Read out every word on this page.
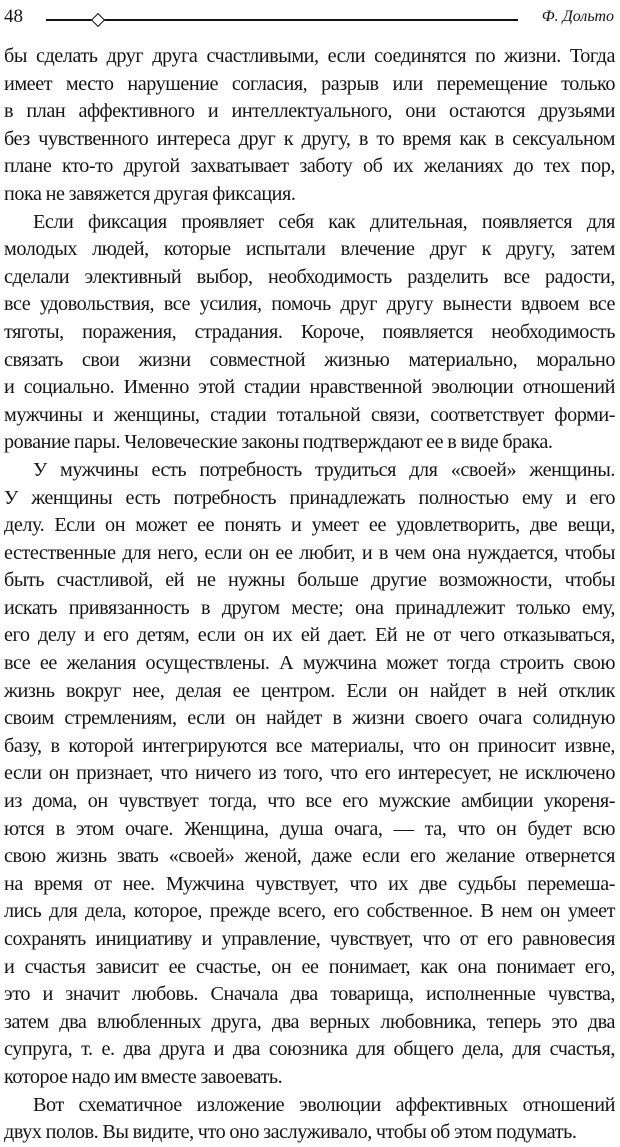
48	Ф. Дольто
бы сделать друг друга счастливыми, если соединятся по жизни. Тогда
имеет место нарушение согласия, разрыв или перемещение только
в план аффективного и интеллектуального, они остаются друзьями
без чувственного интереса друг к другу, в то время как в сексуальном
плане кто-то другой захватывает заботу об их желаниях до тех пор,
пока не завяжется другая фиксация.
Если фиксация проявляет себя как длительная, появляется для
молодых людей, которые испытали влечение друг к другу, затем
сделали элективный выбор, необходимость разделить все радости,
все удовольствия, все усилия, помочь друг другу вынести вдвоем все
тяготы, поражения, страдания. Короче, появляется необходимость
связать свои жизни совместной жизнью материально, морально
и социально. Именно этой стадии нравственной эволюции отношений
мужчины и женщины, стадии тотальной связи, соответствует форми-
рование пары. Человеческие законы подтверждают ее в виде брака.
У мужчины есть потребность трудиться для «своей» женщины.
У женщины есть потребность принадлежать полностью ему и его
делу. Если он может ее понять и умеет ее удовлетворить, две вещи,
естественные для него, если он ее любит, и в чем она нуждается, чтобы
быть счастливой, ей не нужны больше другие возможности, чтобы
искать привязанность в другом месте; она принадлежит только ему,
его делу и его детям, если он их ей дает. Ей не от чего отказываться,
все ее желания осуществлены. А мужчина может тогда строить свою
жизнь вокруг нее, делая ее центром. Если он найдет в ней отклик
своим стремлениям, если он найдет в жизни своего очага солидную
базу, в которой интегрируются все материалы, что он приносит извне,
если он признает, что ничего из того, что его интересует, не исключено
из дома, он чувствует тогда, что все его мужские амбиции укореня-
ются в этом очаге. Женщина, душа очага, — та, что он будет всю
свою жизнь звать «своей» женой, даже если его желание отвернется
на время от нее. Мужчина чувствует, что их две судьбы перемеша-
лись для дела, которое, прежде всего, его собственное. В нем он умеет
сохранять инициативу и управление, чувствует, что от его равновесия
и счастья зависит ее счастье, он ее понимает, как она понимает его,
это и значит любовь. Сначала два товарища, исполненные чувства,
затем два влюбленных друга, два верных любовника, теперь это два
супруга, т. е. два друга и два союзника для общего дела, для счастья,
которое надо им вместе завоевать.
Вот схематичное изложение эволюции аффективных отношений
двух полов. Вы видите, что оно заслуживало, чтобы об этом подумать.
